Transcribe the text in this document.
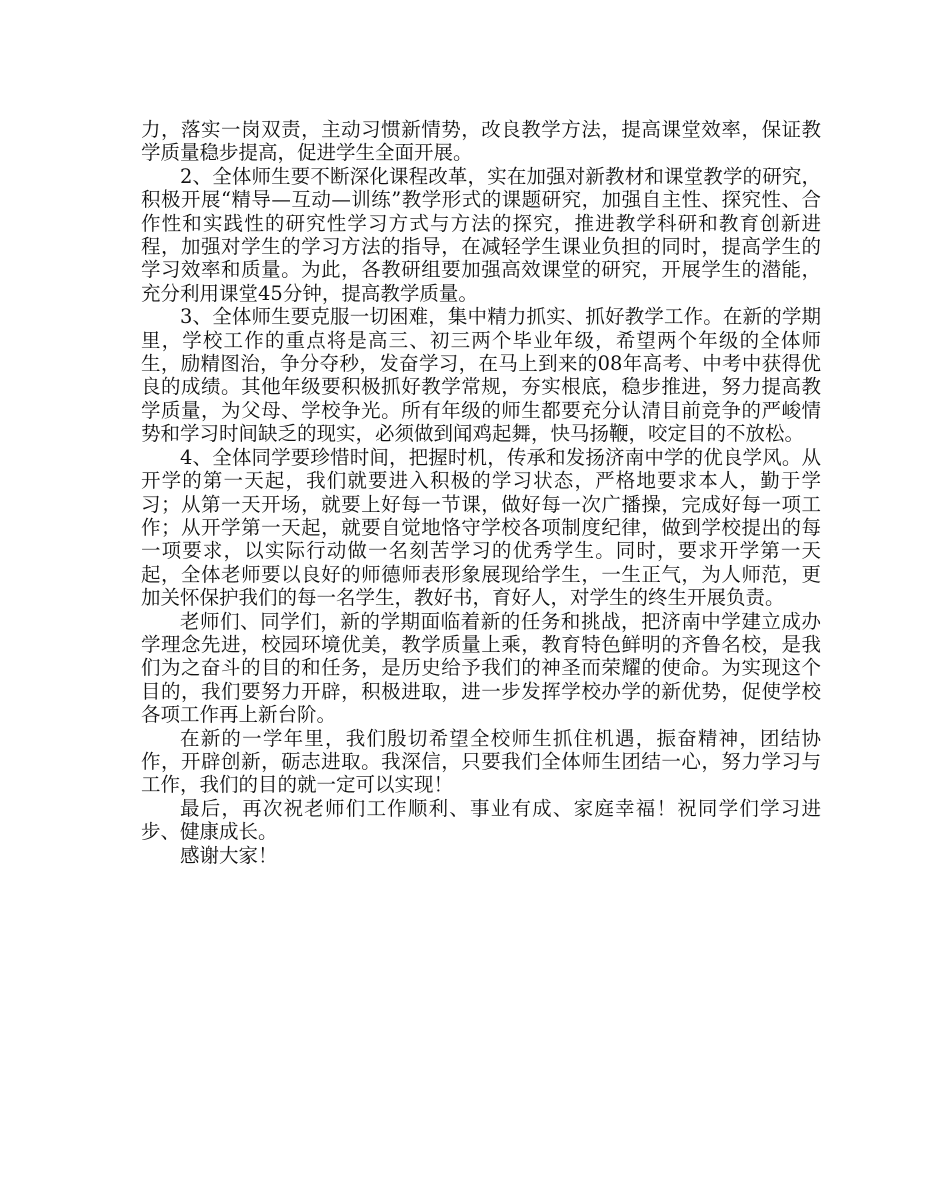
力，落实一岗双责，主动习惯新情势，改良教学方法，提高课堂效率，保证教学质量稳步提高，促进学生全面开展。

2、全体师生要不断深化课程改革，实在加强对新教材和课堂教学的研究，积极开展“精导—互动—训练”教学形式的课题研究，加强自主性、探究性、合作性和实践性的研究性学习方式与方法的探究，推进教学科研和教育创新进程，加强对学生的学习方法的指导，在减轻学生课业负担的同时，提高学生的学习效率和质量。为此，各教研组要加强高效课堂的研究，开展学生的潜能，充分利用课堂45分钟，提高教学质量。

3、全体师生要克服一切困难，集中精力抓实、抓好教学工作。在新的学期里，学校工作的重点将是高三、初三两个毕业年级，希望两个年级的全体师生，励精图治，争分夺秒，发奋学习，在马上到来的08年高考、中考中获得优良的成绩。其他年级要积极抓好教学常规，夯实根底，稳步推进，努力提高教学质量，为父母、学校争光。所有年级的师生都要充分认清目前竞争的严峻情势和学习时间缺乏的现实，必须做到闻鸡起舞，快马扬鞭，咬定目的不放松。

4、全体同学要珍惜时间，把握时机，传承和发扬济南中学的优良学风。从开学的第一天起，我们就要进入积极的学习状态，严格地要求本人，勤于学习；从第一天开场，就要上好每一节课，做好每一次广播操，完成好每一项工作；从开学第一天起，就要自觉地恪守学校各项制度纪律，做到学校提出的每一项要求，以实际行动做一名刻苦学习的优秀学生。同时，要求开学第一天起，全体老师要以良好的师德师表形象展现给学生，一生正气，为人师范，更加关怀保护我们的每一名学生，教好书，育好人，对学生的终生开展负责。

老师们、同学们，新的学期面临着新的任务和挑战，把济南中学建立成办学理念先进，校园环境优美，教学质量上乘，教育特色鲜明的齐鲁名校，是我们为之奋斗的目的和任务，是历史给予我们的神圣而荣耀的使命。为实现这个目的，我们要努力开辟，积极进取，进一步发挥学校办学的新优势，促使学校各项工作再上新台阶。

在新的一学年里，我们殷切希望全校师生抓住机遇，振奋精神，团结协作，开辟创新，砺志进取。我深信，只要我们全体师生团结一心，努力学习与工作，我们的目的就一定可以实现！

最后，再次祝老师们工作顺利、事业有成、家庭幸福！祝同学们学习进步、健康成长。

感谢大家！
